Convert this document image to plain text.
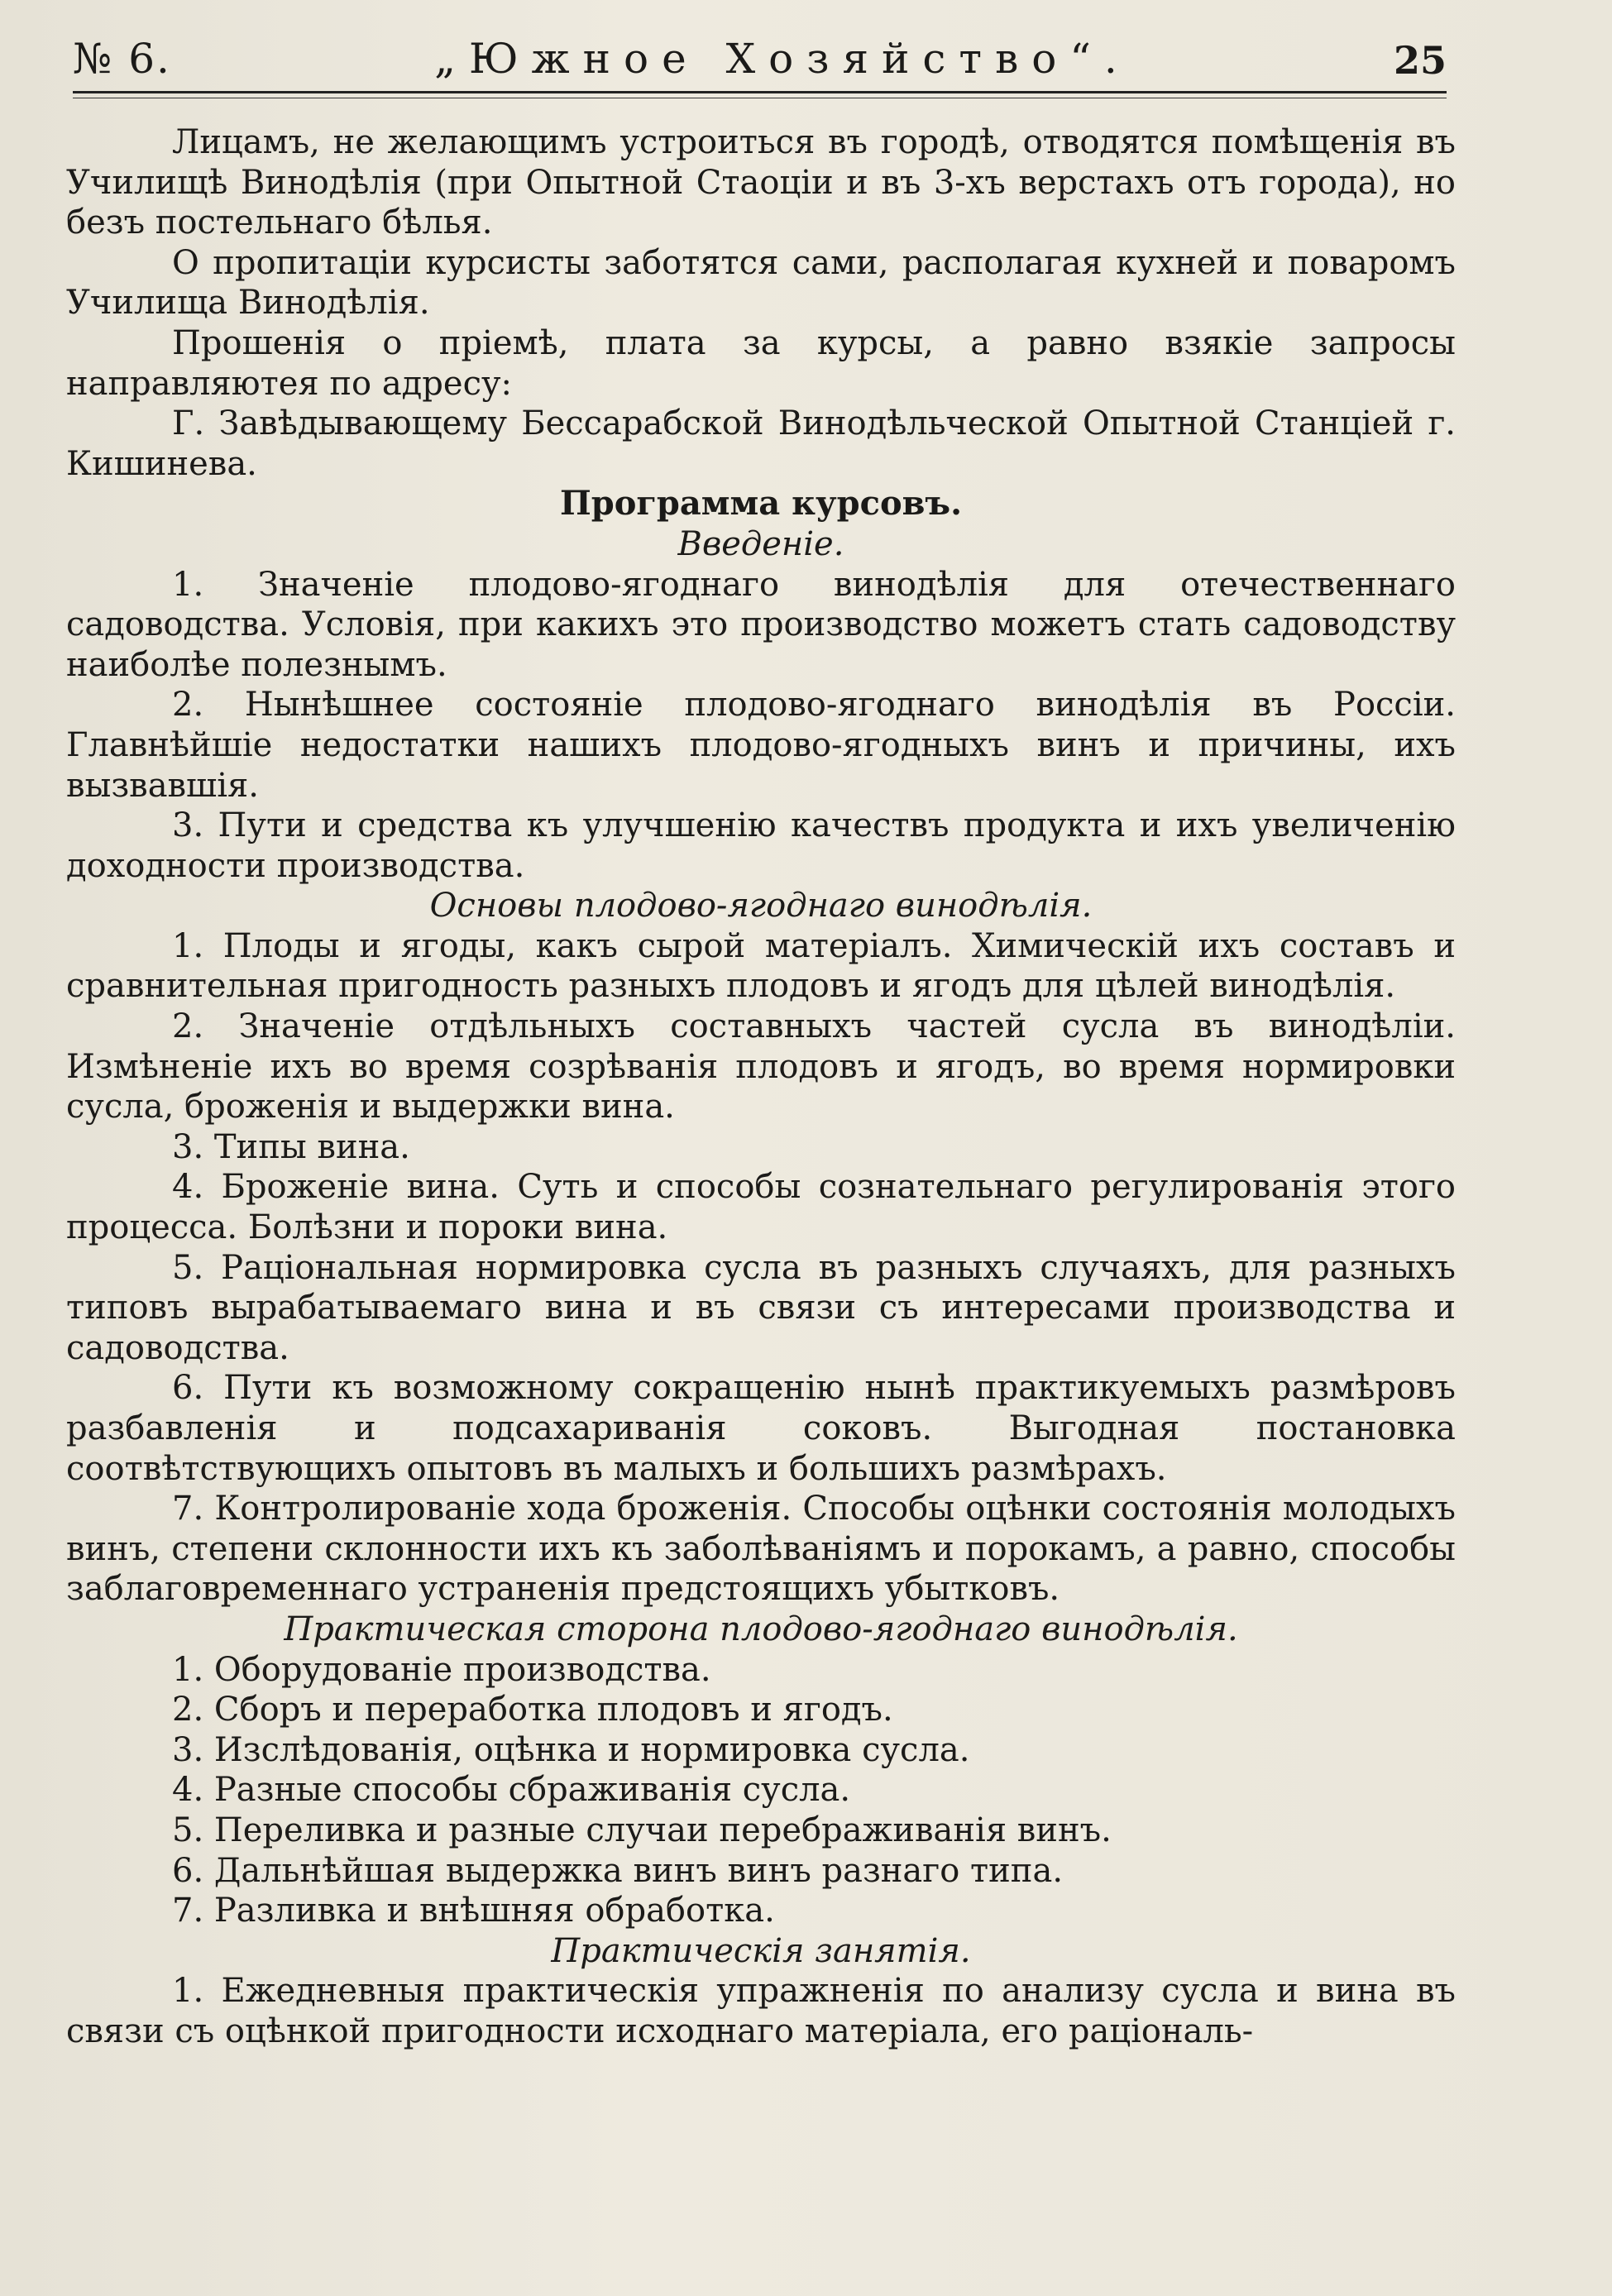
№ 6.	„Южное Хозяйство“.	25

Лицамъ, не желающимъ устроиться въ городѣ, отводятся помѣщенія въ Училищѣ Винодѣлія (при Опытной Стаоціи и въ 3-хъ верстахъ отъ города), но безъ постельнаго бѣлья.

О пропитаціи курсисты заботятся сами, располагая кухней и поваромъ Училища Винодѣлія.

Прошенія о пріемѣ, плата за курсы, а равно взякіе запросы направляютея по адресу:

Г. Завѣдывающему Бессарабской Винодѣльческой Опытной Станціей г. Кишинева.

Программа курсовъ.

Введеніе.

1. Значеніе плодово-ягоднаго винодѣлія для отечественнаго садоводства. Условія, при какихъ это производство можетъ стать садоводству наиболѣе полезнымъ.
2. Нынѣшнее состояніе плодово-ягоднаго винодѣлія въ Россіи. Главнѣйшіе недостатки нашихъ плодово-ягодныхъ винъ и причины, ихъ вызвавшія.
3. Пути и средства къ улучшенію качествъ продукта и ихъ увеличенію доходности производства.

Основы плодово-ягоднаго винодѣлія.

1. Плоды и ягоды, какъ сырой матеріалъ. Химическій ихъ составъ и сравнительная пригодность разныхъ плодовъ и ягодъ для цѣлей винодѣлія.
2. Значеніе отдѣльныхъ составныхъ частей сусла въ винодѣліи. Измѣненіе ихъ во время созрѣванія плодовъ и ягодъ, во время нормировки сусла, броженія и выдержки вина.
3. Типы вина.
4. Броженіе вина. Суть и способы сознательнаго регулированія этого процесса. Болѣзни и пороки вина.
5. Раціональная нормировка сусла въ разныхъ случаяхъ, для разныхъ типовъ вырабатываемаго вина и въ связи съ интересами производства и садоводства.
6. Пути къ возможному сокращенію нынѣ практикуемыхъ размѣровъ разбавленія и подсахариванія соковъ. Выгодная постановка соотвѣтствующихъ опытовъ въ малыхъ и большихъ размѣрахъ.
7. Контролированіе хода броженія. Способы оцѣнки состоянія молодыхъ винъ, степени склонности ихъ къ заболѣваніямъ и порокамъ, а равно, способы заблаговременнаго устраненія предстоящихъ убытковъ.

Практическая сторона плодово-ягоднаго винодѣлія.

1. Оборудованіе производства.
2. Сборъ и переработка плодовъ и ягодъ.
3. Изслѣдованія, оцѣнка и нормировка сусла.
4. Разные способы сбраживанія сусла.
5. Переливка и разные случаи перебраживанія винъ.
6. Дальнѣйшая выдержка винъ винъ разнаго типа.
7. Разливка и внѣшняя обработка.

Практическія занятія.

1. Ежедневныя практическія упражненія по анализу сусла и вина въ связи съ оцѣнкой пригодности исходнаго матеріала, его раціональ-
